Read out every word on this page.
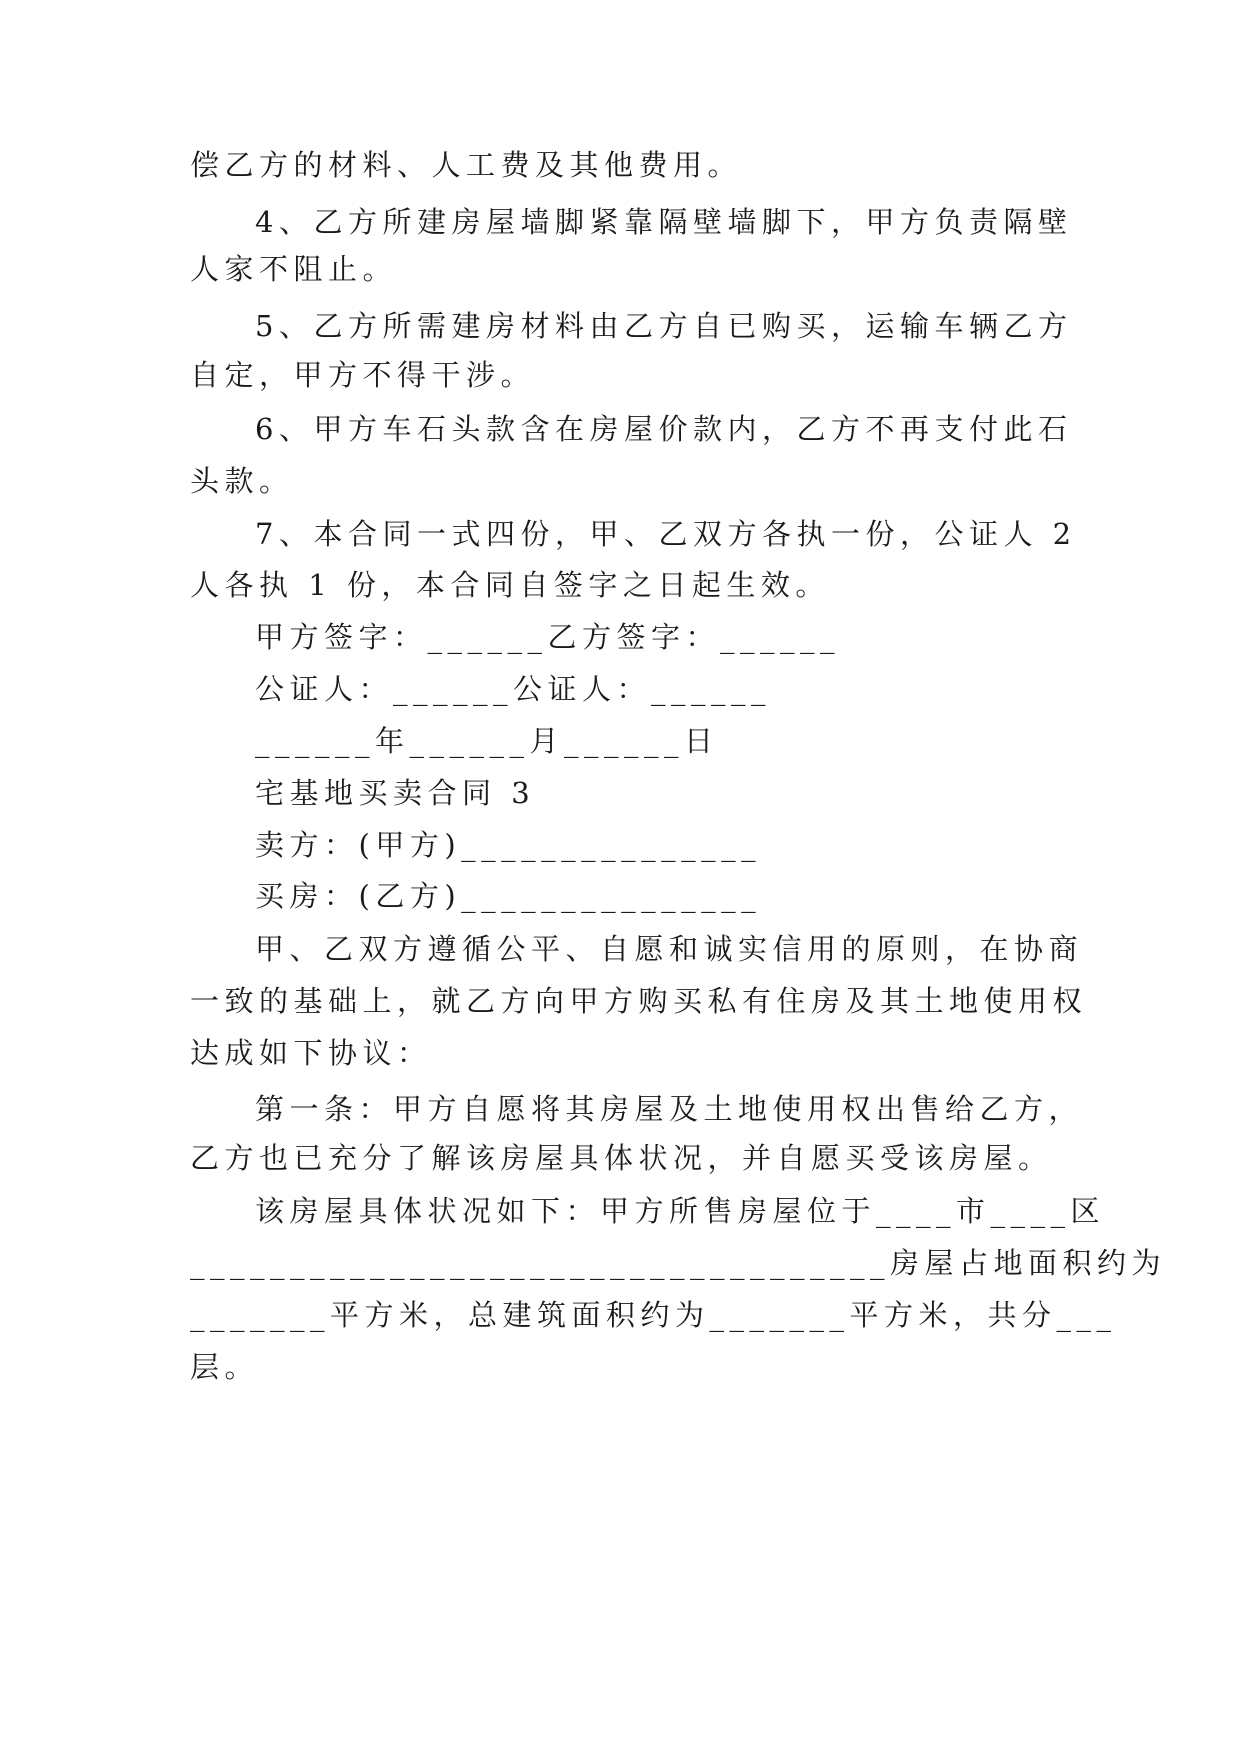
偿乙方的材料、人工费及其他费用。
4、乙方所建房屋墙脚紧靠隔壁墙脚下，甲方负责隔壁
人家不阻止。
5、乙方所需建房材料由乙方自已购买，运输车辆乙方
自定，甲方不得干涉。
6、甲方车石头款含在房屋价款内，乙方不再支付此石
头款。
7、本合同一式四份，甲、乙双方各执一份，公证人 2
人各执 1 份，本合同自签字之日起生效。
甲方签字：______乙方签字：______
公证人：______公证人：______
______年______月______日
宅基地买卖合同 3
卖方：(甲方)_______________
买房：(乙方)_______________
甲、乙双方遵循公平、自愿和诚实信用的原则，在协商
一致的基础上，就乙方向甲方购买私有住房及其土地使用权
达成如下协议：
第一条：甲方自愿将其房屋及土地使用权出售给乙方，
乙方也已充分了解该房屋具体状况，并自愿买受该房屋。
该房屋具体状况如下：甲方所售房屋位于____市____区
___________________________________房屋占地面积约为
_______平方米，总建筑面积约为_______平方米，共分___
层。
